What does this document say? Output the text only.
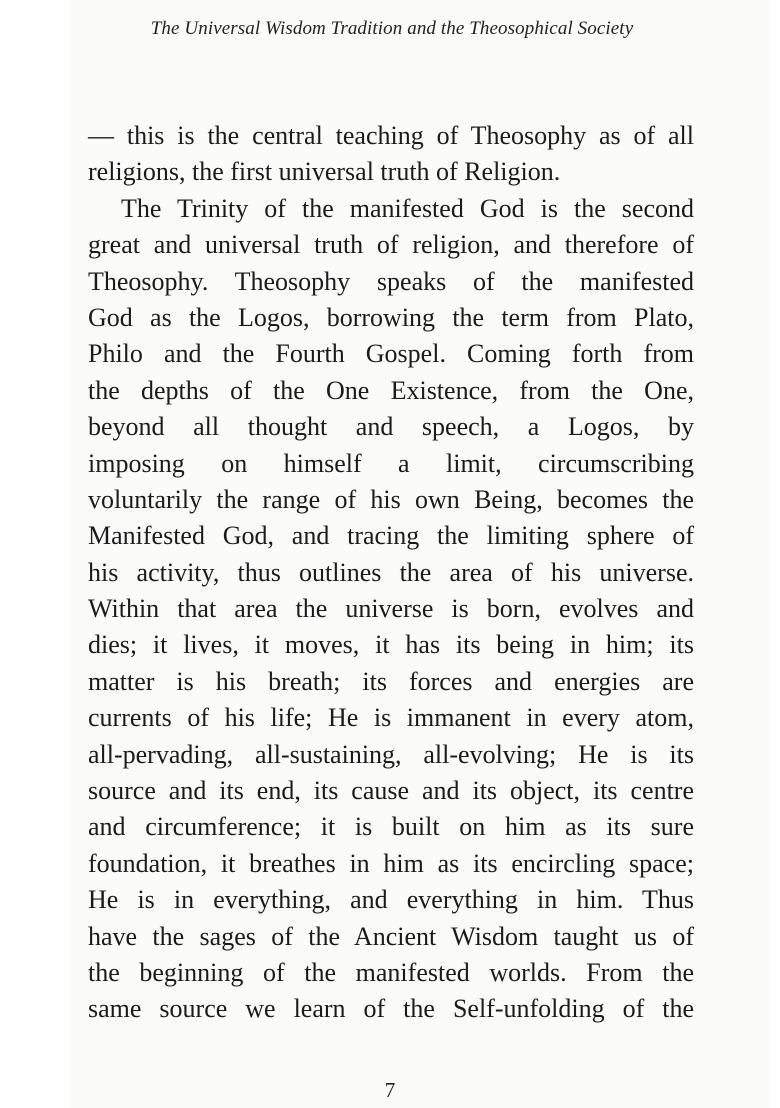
The Universal Wisdom Tradition and the Theosophical Society
— this is the central teaching of Theosophy as of all
religions, the first universal truth of Religion.
The Trinity of the manifested God is the second
great and universal truth of religion, and therefore of
Theosophy. Theosophy speaks of the manifested
God as the Logos, borrowing the term from Plato,
Philo and the Fourth Gospel. Coming forth from
the depths of the One Existence, from the One,
beyond all thought and speech, a Logos, by
imposing on himself a limit, circumscribing
voluntarily the range of his own Being, becomes the
Manifested God, and tracing the limiting sphere of
his activity, thus outlines the area of his universe.
Within that area the universe is born, evolves and
dies; it lives, it moves, it has its being in him; its
matter is his breath; its forces and energies are
currents of his life; He is immanent in every atom,
all-pervading, all-sustaining, all-evolving; He is its
source and its end, its cause and its object, its centre
and circumference; it is built on him as its sure
foundation, it breathes in him as its encircling space;
He is in everything, and everything in him. Thus
have the sages of the Ancient Wisdom taught us of
the beginning of the manifested worlds. From the
same source we learn of the Self-unfolding of the
7
